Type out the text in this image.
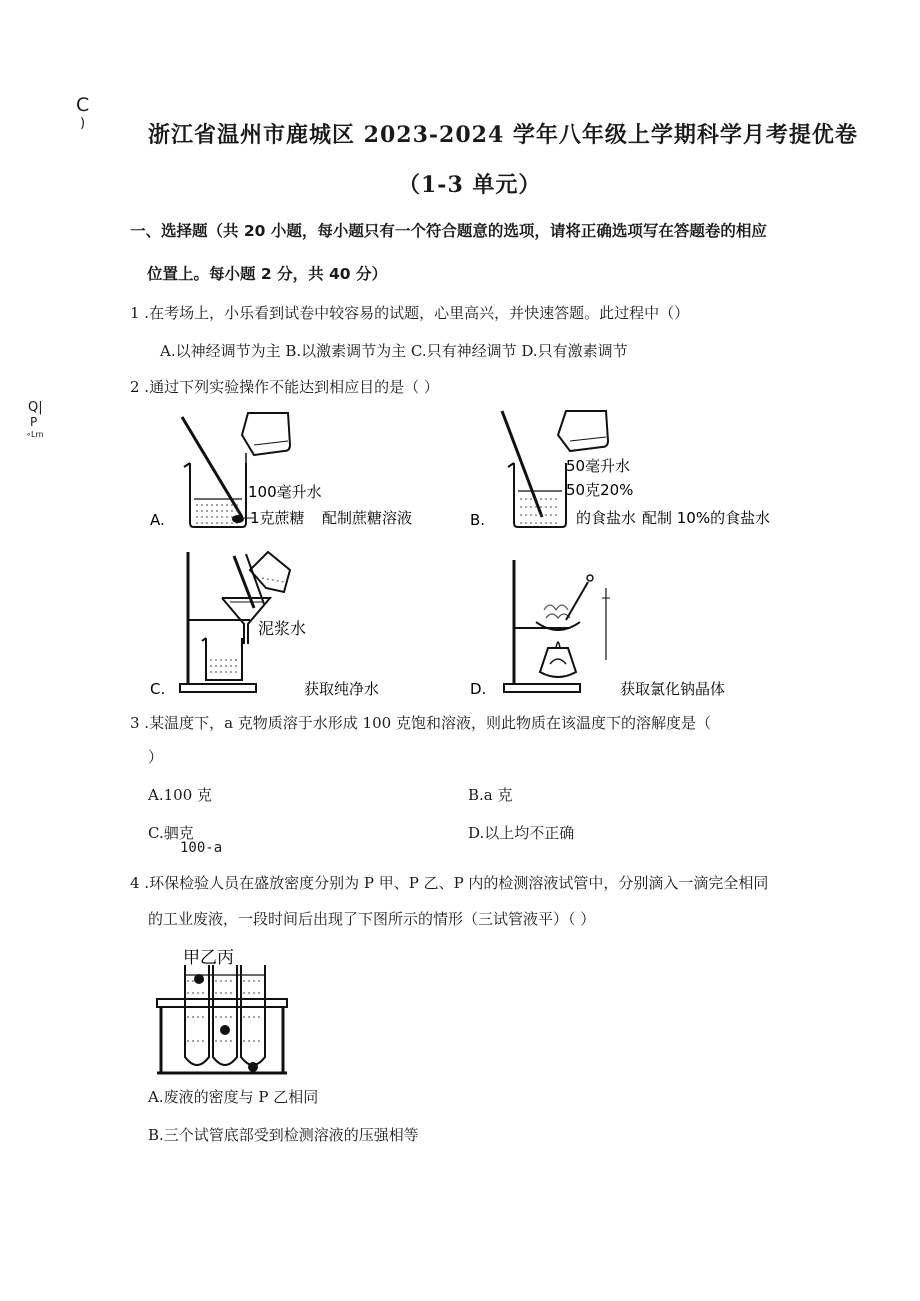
C
)
Q|
P
∘Lrn
浙江省温州市鹿城区 2023-2024 学年八年级上学期科学月考提优卷
（1-3 单元）
一、选择题（共 20 小题，每小题只有一个符合题意的选项，请将正确选项写在答题卷的相应
位置上。每小题 2 分，共 40 分）
1 .在考场上，小乐看到试卷中较容易的试题，心里高兴，并快速答题。此过程中（）
A.以神经调节为主 B.以激素调节为主 C.只有神经调节 D.只有激素调节
2 .通过下列实验操作不能达到相应目的是（ ）
100毫升水
1克蔗糖 配制蔗糖溶液
A.
50毫升水
50克20%
的食盐水 配制 10%的食盐水
B.
泥浆水
获取纯净水
C.	获取氯化钠晶体
D.
3 .某温度下，a 克物质溶于水形成 100 克饱和溶液，则此物质在该温度下的溶解度是（
）
A.100 克	B.a 克
C.驷克	D.以上均不正确
100-a
4 .环保检验人员在盛放密度分别为 P 甲、P 乙、P 内的检测溶液试管中，分别滴入一滴完全相同
的工业废液，一段时间后出现了下图所示的情形（三试管液平）（ ）
甲乙丙
A.废液的密度与 P 乙相同
B.三个试管底部受到检测溶液的压强相等
